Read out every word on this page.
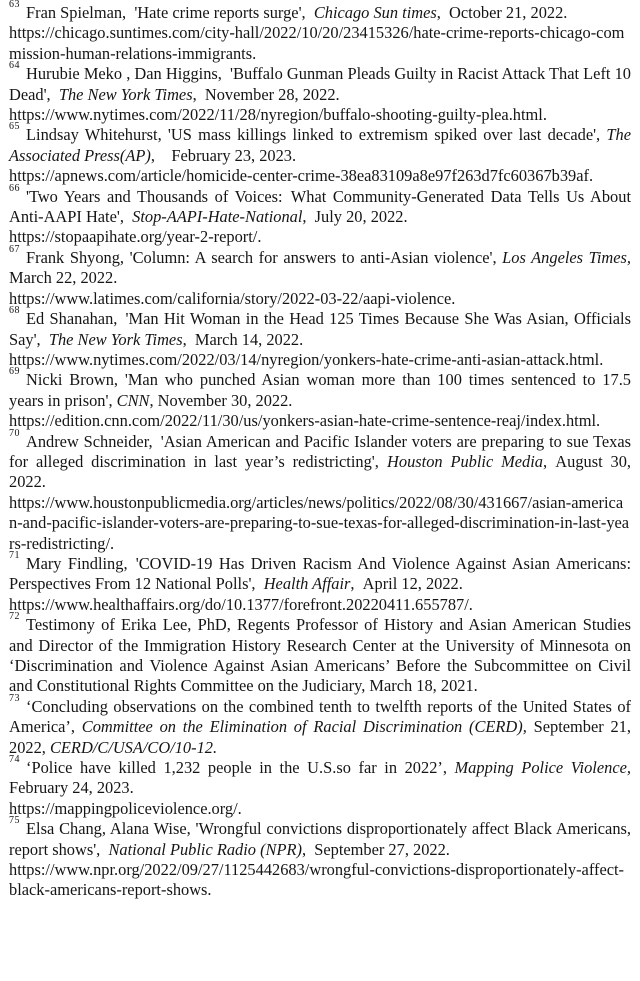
$^{63}$ Fran Spielman, 'Hate crime reports surge', Chicago Sun times, October 21, 2022.
https://chicago.suntimes.com/city-hall/2022/10/20/23415326/hate-crime-reports-chicago-commission-human-relations-immigrants.

$^{64}$ Hurubie Meko , Dan Higgins, 'Buffalo Gunman Pleads Guilty in Racist Attack That Left 10 Dead', The New York Times, November 28, 2022.
https://www.nytimes.com/2022/11/28/nyregion/buffalo-shooting-guilty-plea.html.

$^{65}$ Lindsay Whitehurst, 'US mass killings linked to extremism spiked over last decade', The Associated Press(AP), February 23, 2023.
https://apnews.com/article/homicide-center-crime-38ea83109a8e97f263d7fc60367b39af.

$^{66}$ 'Two Years and Thousands of Voices: What Community-Generated Data Tells Us About Anti-AAPI Hate', Stop-AAPI-Hate-National, July 20, 2022.
https://stopaapihate.org/year-2-report/.

$^{67}$ Frank Shyong, 'Column: A search for answers to anti-Asian violence', Los Angeles Times, March 22, 2022.
https://www.latimes.com/california/story/2022-03-22/aapi-violence.

$^{68}$ Ed Shanahan, 'Man Hit Woman in the Head 125 Times Because She Was Asian, Officials Say', The New York Times, March 14, 2022.
https://www.nytimes.com/2022/03/14/nyregion/yonkers-hate-crime-anti-asian-attack.html.

$^{69}$ Nicki Brown, 'Man who punched Asian woman more than 100 times sentenced to 17.5 years in prison', CNN, November 30, 2022.
https://edition.cnn.com/2022/11/30/us/yonkers-asian-hate-crime-sentence-reaj/index.html.

$^{70}$ Andrew Schneider, 'Asian American and Pacific Islander voters are preparing to sue Texas for alleged discrimination in last year’s redistricting', Houston Public Media, August 30, 2022.
https://www.houstonpublicmedia.org/articles/news/politics/2022/08/30/431667/asian-american-and-pacific-islander-voters-are-preparing-to-sue-texas-for-alleged-discrimination-in-last-years-redistricting/.

$^{71}$ Mary Findling, 'COVID-19 Has Driven Racism And Violence Against Asian Americans: Perspectives From 12 National Polls', Health Affair, April 12, 2022.
https://www.healthaffairs.org/do/10.1377/forefront.20220411.655787/.

$^{72}$ Testimony of Erika Lee, PhD, Regents Professor of History and Asian American Studies and Director of the Immigration History Research Center at the University of Minnesota on ‘Discrimination and Violence Against Asian Americans’ Before the Subcommittee on Civil and Constitutional Rights Committee on the Judiciary, March 18, 2021.

$^{73}$ ‘Concluding observations on the combined tenth to twelfth reports of the United States of America’, Committee on the Elimination of Racial Discrimination (CERD), September 21, 2022, CERD/C/USA/CO/10-12.

$^{74}$ ‘Police have killed 1,232 people in the U.S.so far in 2022’, Mapping Police Violence, February 24, 2023.
https://mappingpoliceviolence.org/.

$^{75}$ Elsa Chang, Alana Wise, 'Wrongful convictions disproportionately affect Black Americans, report shows', National Public Radio (NPR), September 27, 2022.
https://www.npr.org/2022/09/27/1125442683/wrongful-convictions-disproportionately-affect-black-americans-report-shows.
